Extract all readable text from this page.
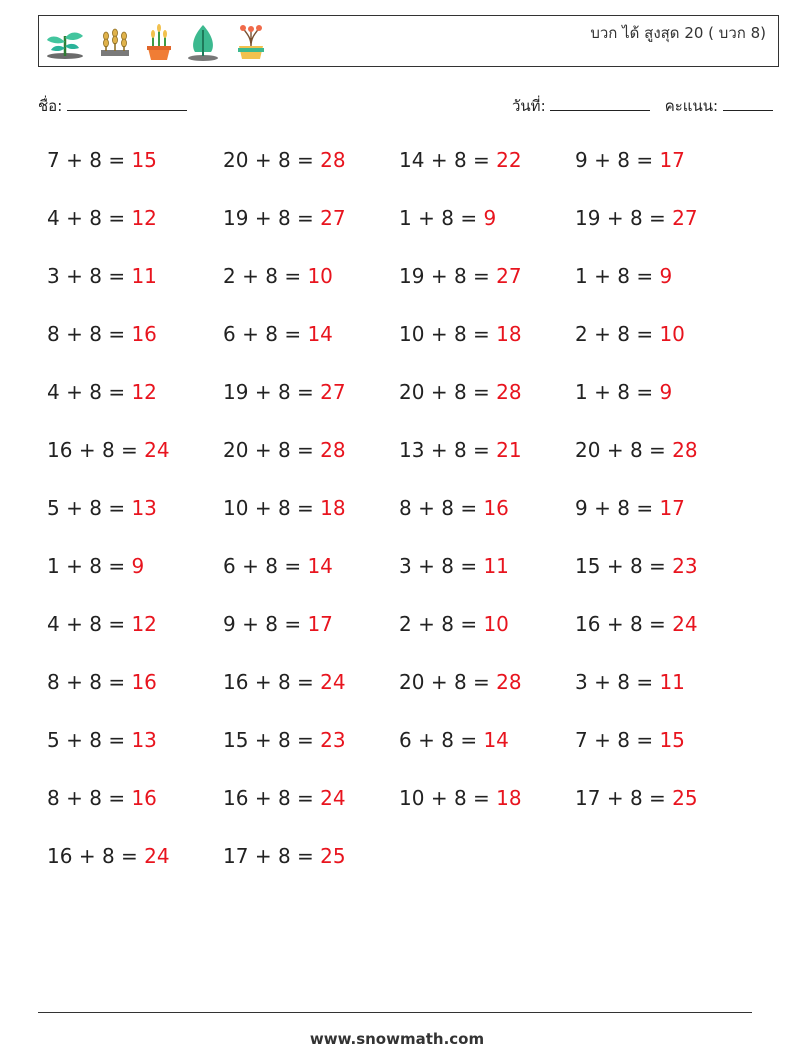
บวก ได้ สูงสุด 20 ( บวก 8)
ชื่อ:	วันที่:	คะแนน:
7 + 8 = 15	20 + 8 = 28	14 + 8 = 22	9 + 8 = 17
4 + 8 = 12	19 + 8 = 27	1 + 8 = 9	19 + 8 = 27
3 + 8 = 11	2 + 8 = 10	19 + 8 = 27	1 + 8 = 9
8 + 8 = 16	6 + 8 = 14	10 + 8 = 18	2 + 8 = 10
4 + 8 = 12	19 + 8 = 27	20 + 8 = 28	1 + 8 = 9
16 + 8 = 24	20 + 8 = 28	13 + 8 = 21	20 + 8 = 28
5 + 8 = 13	10 + 8 = 18	8 + 8 = 16	9 + 8 = 17
1 + 8 = 9	6 + 8 = 14	3 + 8 = 11	15 + 8 = 23
4 + 8 = 12	9 + 8 = 17	2 + 8 = 10	16 + 8 = 24
8 + 8 = 16	16 + 8 = 24	20 + 8 = 28	3 + 8 = 11
5 + 8 = 13	15 + 8 = 23	6 + 8 = 14	7 + 8 = 15
8 + 8 = 16	16 + 8 = 24	10 + 8 = 18	17 + 8 = 25
16 + 8 = 24	17 + 8 = 25
www.snowmath.com
